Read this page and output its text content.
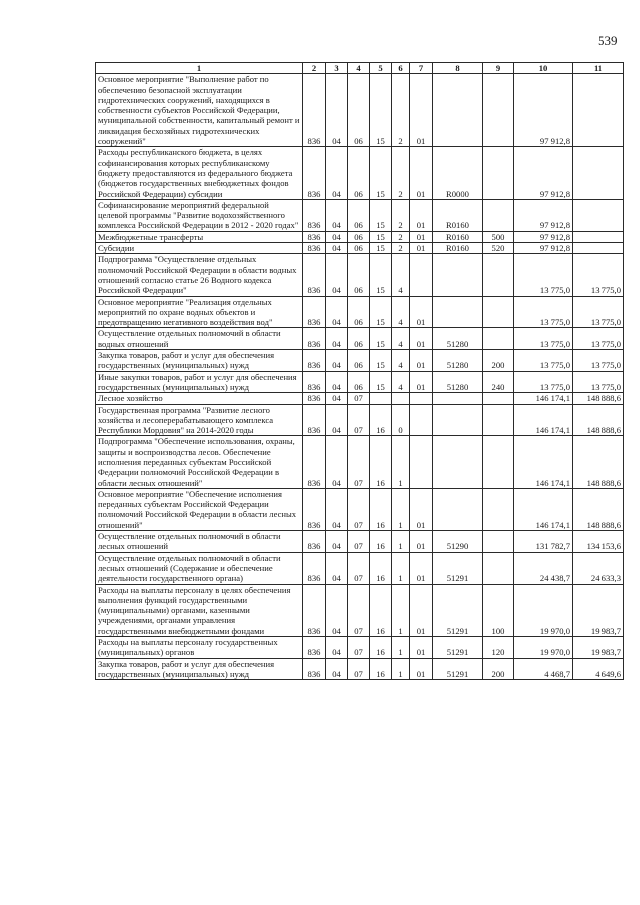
539
1	2	3	4	5	6	7	8	9	10	11
Основное мероприятие "Выполнение работ по обеспечению безопасной эксплуатации гидротехнических сооружений, находящихся в собственности субъектов Российской Федерации, муниципальной собственности, капитальный ремонт и ликвидация бесхозяйных гидротехнических сооружений"	836	04	06	15	2	01			97 912,8	
Расходы республиканского бюджета, в целях софинансирования которых республиканскому бюджету предоставляются из федерального бюджета (бюджетов государственных внебюджетных фондов Российской Федерации) субсидии	836	04	06	15	2	01	R0000		97 912,8	
Софинансирование мероприятий федеральной целевой программы "Развитие водохозяйственного комплекса Российской Федерации в 2012 - 2020 годах"	836	04	06	15	2	01	R0160		97 912,8	
Межбюджетные трансферты	836	04	06	15	2	01	R0160	500	97 912,8	
Субсидии	836	04	06	15	2	01	R0160	520	97 912,8	
Подпрограмма "Осуществление отдельных полномочий Российской Федерации в области водных отношений согласно статье 26 Водного кодекса Российской Федерации"	836	04	06	15	4				13 775,0	13 775,0
Основное мероприятие "Реализация отдельных мероприятий по охране водных объектов и предотвращению негативного воздействия вод"	836	04	06	15	4	01			13 775,0	13 775,0
Осуществление отдельных полномочий в области водных отношений	836	04	06	15	4	01	51280		13 775,0	13 775,0
Закупка товаров, работ и услуг для обеспечения государственных (муниципальных) нужд	836	04	06	15	4	01	51280	200	13 775,0	13 775,0
Иные закупки товаров, работ и услуг для обеспечения государственных (муниципальных) нужд	836	04	06	15	4	01	51280	240	13 775,0	13 775,0
Лесное хозяйство	836	04	07						146 174,1	148 888,6
Государственная программа "Развитие лесного хозяйства и лесоперерабатывающего комплекса Республики Мордовия" на 2014-2020 годы	836	04	07	16	0				146 174,1	148 888,6
Подпрограмма "Обеспечение использования, охраны, защиты и воспроизводства лесов. Обеспечение исполнения переданных субъектам Российской Федерации полномочий Российской Федерации в области лесных отношений"	836	04	07	16	1				146 174,1	148 888,6
Основное мероприятие "Обеспечение исполнения переданных субъектам Российской Федерации полномочий Российской Федерации в области лесных отношений"	836	04	07	16	1	01			146 174,1	148 888,6
Осуществление отдельных полномочий в области лесных отношений	836	04	07	16	1	01	51290		131 782,7	134 153,6
Осуществление отдельных полномочий в области лесных отношений (Содержание и обеспечение деятельности государственного органа)	836	04	07	16	1	01	51291		24 438,7	24 633,3
Расходы на выплаты персоналу в целях обеспечения выполнения функций государственными (муниципальными) органами, казенными учреждениями, органами управления государственными внебюджетными фондами	836	04	07	16	1	01	51291	100	19 970,0	19 983,7
Расходы на выплаты персоналу государственных (муниципальных) органов	836	04	07	16	1	01	51291	120	19 970,0	19 983,7
Закупка товаров, работ и услуг для обеспечения государственных (муниципальных) нужд	836	04	07	16	1	01	51291	200	4 468,7	4 649,6
